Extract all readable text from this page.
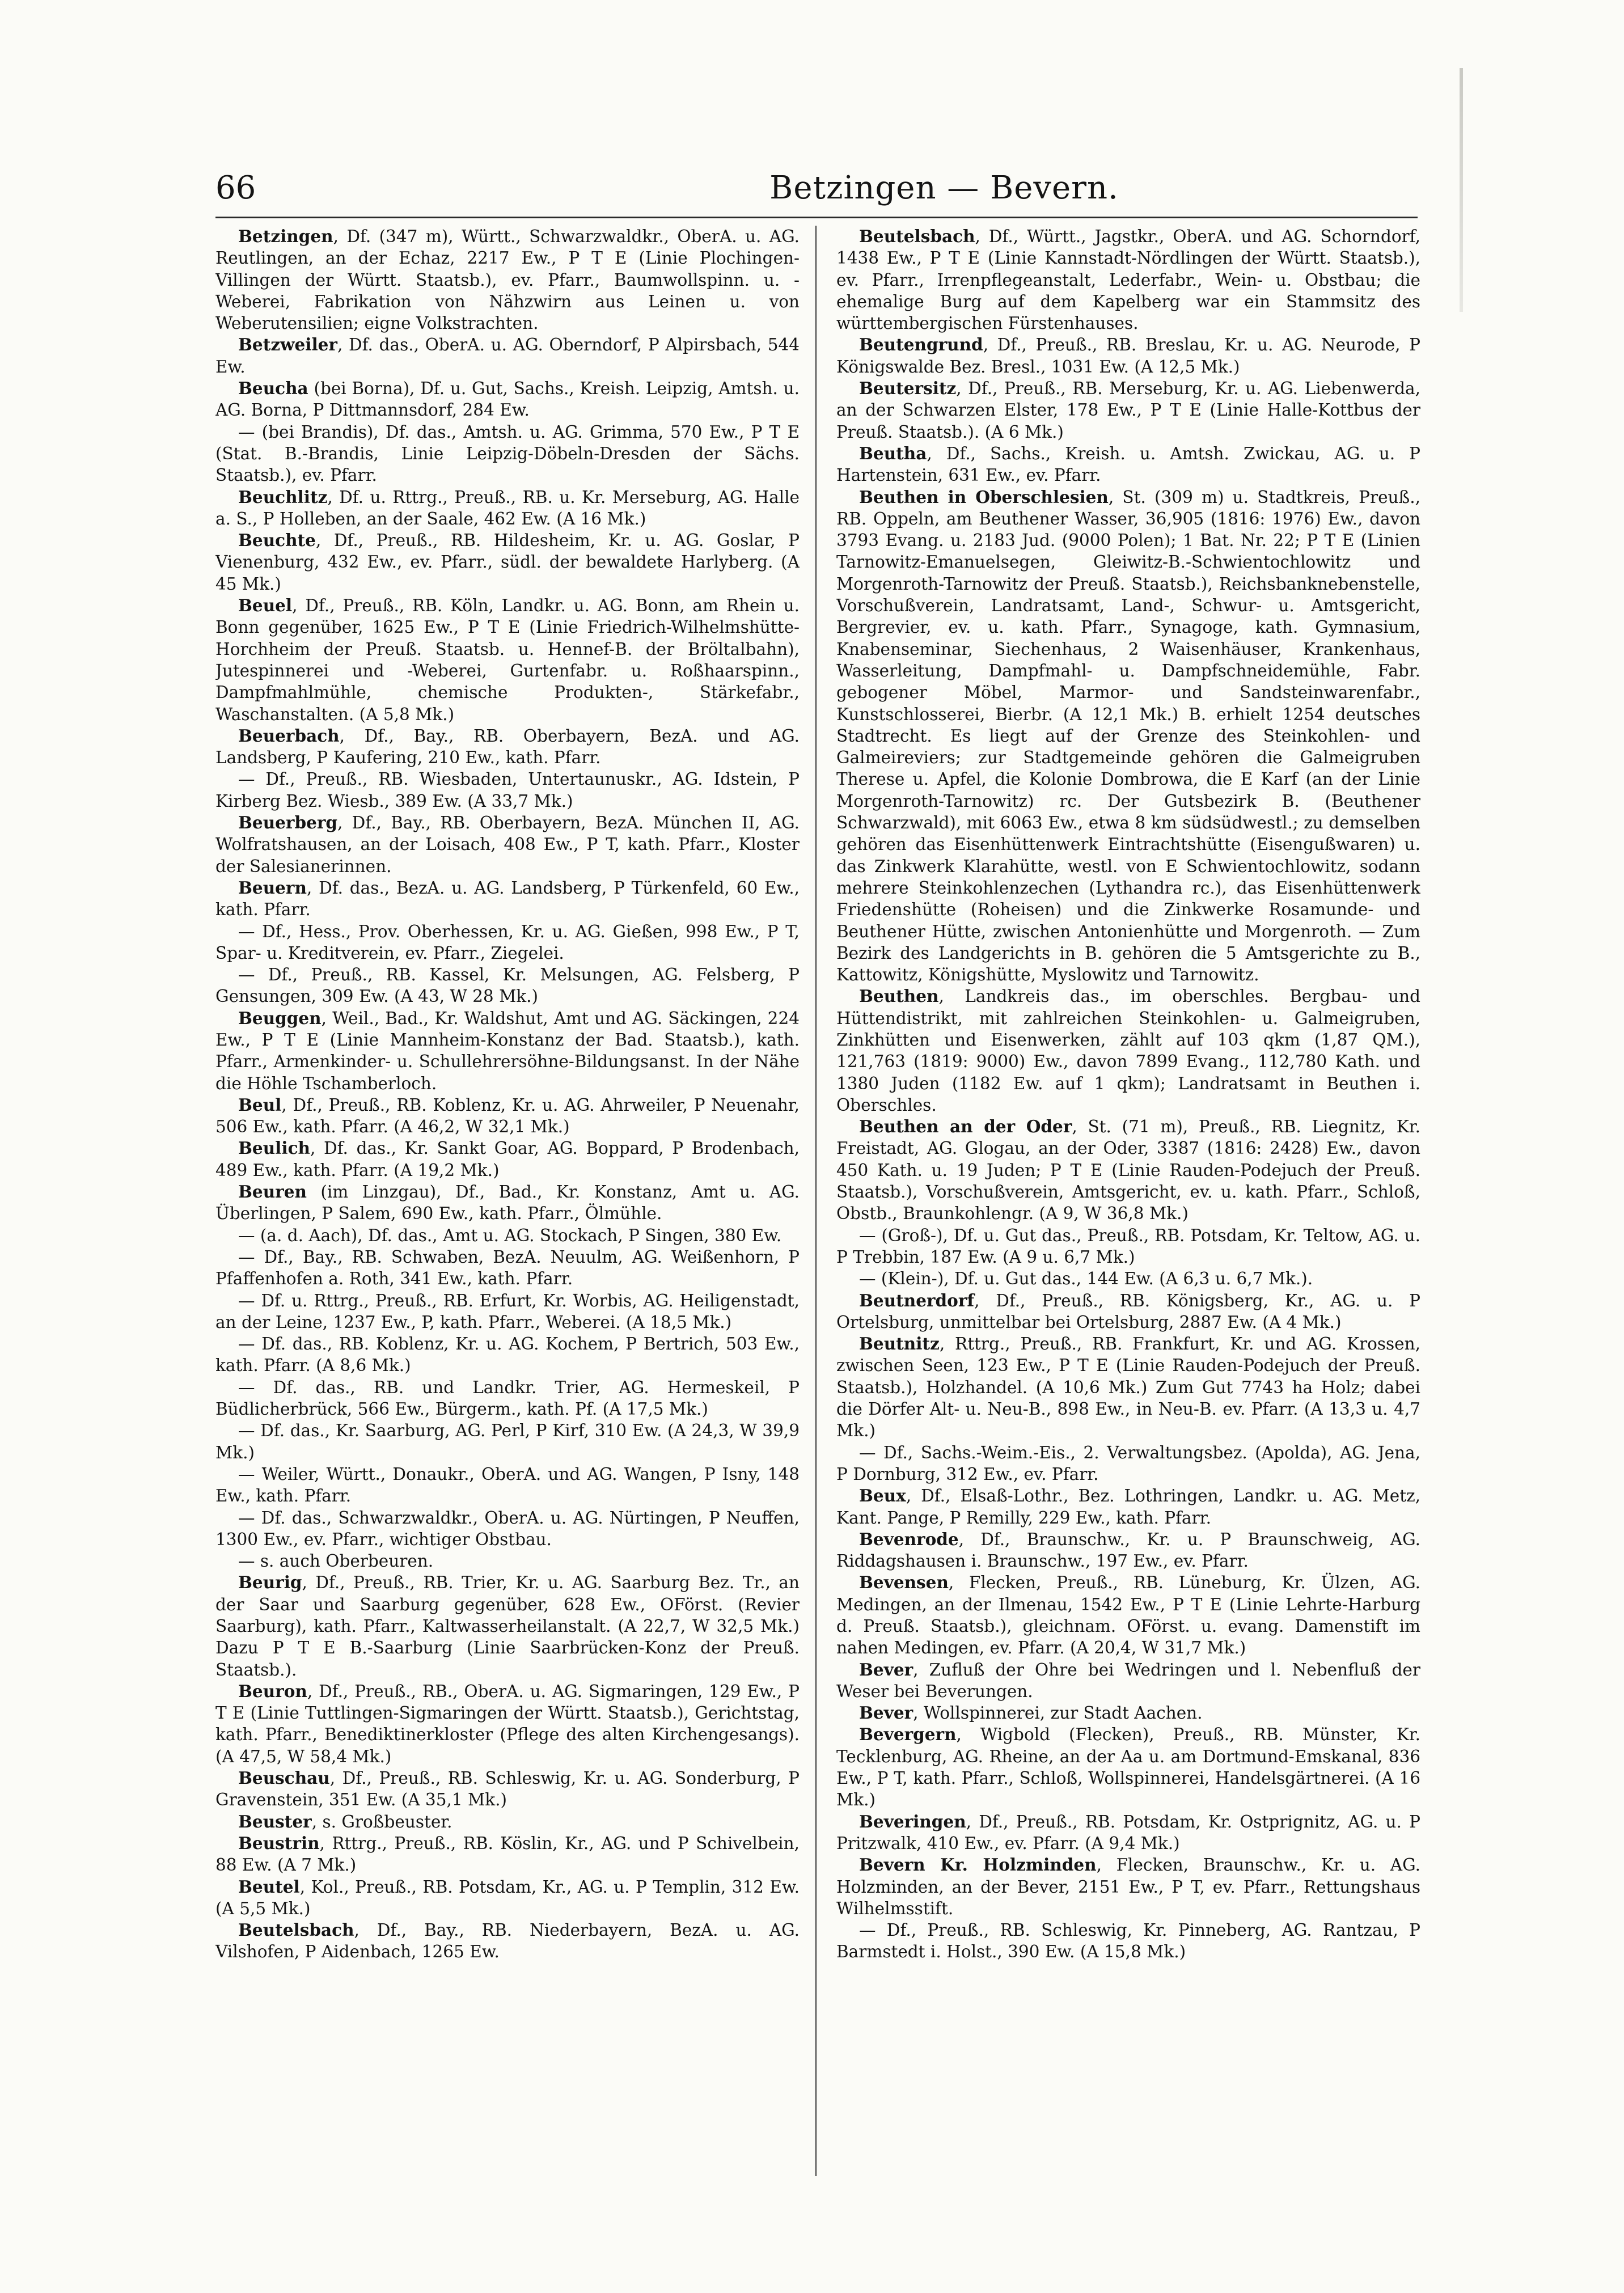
66	Betzingen — Bevern.

Betzingen, Df. (347 m), Württ., Schwarzwaldkr., OberA. u. AG. Reutlingen, an der Echaz, 2217 Ew., P T E (Linie Plochingen-Villingen der Württ. Staatsb.), ev. Pfarr., Baumwollspinn. u. -Weberei, Fabrikation von Nähzwirn aus Leinen u. von Weberutensilien; eigne Volkstrachten.

Betzweiler, Df. das., OberA. u. AG. Oberndorf, P Alpirsbach, 544 Ew.

Beucha (bei Borna), Df. u. Gut, Sachs., Kreish. Leipzig, Amtsh. u. AG. Borna, P Dittmannsdorf, 284 Ew.

— (bei Brandis), Df. das., Amtsh. u. AG. Grimma, 570 Ew., P T E (Stat. B.-Brandis, Linie Leipzig-Döbeln-Dresden der Sächs. Staatsb.), ev. Pfarr.

Beuchlitz, Df. u. Rttrg., Preuß., RB. u. Kr. Merseburg, AG. Halle a. S., P Holleben, an der Saale, 462 Ew. (A 16 Mk.)

Beuchte, Df., Preuß., RB. Hildesheim, Kr. u. AG. Goslar, P Vienenburg, 432 Ew., ev. Pfarr., südl. der bewaldete Harlyberg. (A 45 Mk.)

Beuel, Df., Preuß., RB. Köln, Landkr. u. AG. Bonn, am Rhein u. Bonn gegenüber, 1625 Ew., P T E (Linie Friedrich-Wilhelmshütte-Horchheim der Preuß. Staatsb. u. Hennef-B. der Bröltalbahn), Jutespinnerei und -Weberei, Gurtenfabr. u. Roßhaarspinn., Dampfmahlmühle, chemische Produkten-, Stärkefabr., Waschanstalten. (A 5,8 Mk.)

Beuerbach, Df., Bay., RB. Oberbayern, BezA. und AG. Landsberg, P Kaufering, 210 Ew., kath. Pfarr.

— Df., Preuß., RB. Wiesbaden, Untertaunuskr., AG. Idstein, P Kirberg Bez. Wiesb., 389 Ew. (A 33,7 Mk.)

Beuerberg, Df., Bay., RB. Oberbayern, BezA. München II, AG. Wolfratshausen, an der Loisach, 408 Ew., P T, kath. Pfarr., Kloster der Salesianerinnen.

Beuern, Df. das., BezA. u. AG. Landsberg, P Türkenfeld, 60 Ew., kath. Pfarr.

— Df., Hess., Prov. Oberhessen, Kr. u. AG. Gießen, 998 Ew., P T, Spar- u. Kreditverein, ev. Pfarr., Ziegelei.

— Df., Preuß., RB. Kassel, Kr. Melsungen, AG. Felsberg, P Gensungen, 309 Ew. (A 43, W 28 Mk.)

Beuggen, Weil., Bad., Kr. Waldshut, Amt und AG. Säckingen, 224 Ew., P T E (Linie Mannheim-Konstanz der Bad. Staatsb.), kath. Pfarr., Armenkinder- u. Schullehrersöhne-Bildungsanst. In der Nähe die Höhle Tschamberloch.

Beul, Df., Preuß., RB. Koblenz, Kr. u. AG. Ahrweiler, P Neuenahr, 506 Ew., kath. Pfarr. (A 46,2, W 32,1 Mk.)

Beulich, Df. das., Kr. Sankt Goar, AG. Boppard, P Brodenbach, 489 Ew., kath. Pfarr. (A 19,2 Mk.)

Beuren (im Linzgau), Df., Bad., Kr. Konstanz, Amt u. AG. Überlingen, P Salem, 690 Ew., kath. Pfarr., Ölmühle.

— (a. d. Aach), Df. das., Amt u. AG. Stockach, P Singen, 380 Ew.

— Df., Bay., RB. Schwaben, BezA. Neuulm, AG. Weißenhorn, P Pfaffenhofen a. Roth, 341 Ew., kath. Pfarr.

— Df. u. Rttrg., Preuß., RB. Erfurt, Kr. Worbis, AG. Heiligenstadt, an der Leine, 1237 Ew., P, kath. Pfarr., Weberei. (A 18,5 Mk.)

— Df. das., RB. Koblenz, Kr. u. AG. Kochem, P Bertrich, 503 Ew., kath. Pfarr. (A 8,6 Mk.)

— Df. das., RB. und Landkr. Trier, AG. Hermeskeil, P Büdlicherbrück, 566 Ew., Bürgerm., kath. Pf. (A 17,5 Mk.)

— Df. das., Kr. Saarburg, AG. Perl, P Kirf, 310 Ew. (A 24,3, W 39,9 Mk.)

— Weiler, Württ., Donaukr., OberA. und AG. Wangen, P Isny, 148 Ew., kath. Pfarr.

— Df. das., Schwarzwaldkr., OberA. u. AG. Nürtingen, P Neuffen, 1300 Ew., ev. Pfarr., wichtiger Obstbau.

— s. auch Oberbeuren.

Beurig, Df., Preuß., RB. Trier, Kr. u. AG. Saarburg Bez. Tr., an der Saar und Saarburg gegenüber, 628 Ew., OFörst. (Revier Saarburg), kath. Pfarr., Kaltwasserheilanstalt. (A 22,7, W 32,5 Mk.) Dazu P T E B.-Saarburg (Linie Saarbrücken-Konz der Preuß. Staatsb.).

Beuron, Df., Preuß., RB., OberA. u. AG. Sigmaringen, 129 Ew., P T E (Linie Tuttlingen-Sigmaringen der Württ. Staatsb.), Gerichtstag, kath. Pfarr., Benediktinerkloster (Pflege des alten Kirchengesangs). (A 47,5, W 58,4 Mk.)

Beuschau, Df., Preuß., RB. Schleswig, Kr. u. AG. Sonderburg, P Gravenstein, 351 Ew. (A 35,1 Mk.)

Beuster, s. Großbeuster.

Beustrin, Rttrg., Preuß., RB. Köslin, Kr., AG. und P Schivelbein, 88 Ew. (A 7 Mk.)

Beutel, Kol., Preuß., RB. Potsdam, Kr., AG. u. P Templin, 312 Ew. (A 5,5 Mk.)

Beutelsbach, Df., Bay., RB. Niederbayern, BezA. u. AG. Vilshofen, P Aidenbach, 1265 Ew.

Beutelsbach, Df., Württ., Jagstkr., OberA. und AG. Schorndorf, 1438 Ew., P T E (Linie Kannstadt-Nördlingen der Württ. Staatsb.), ev. Pfarr., Irrenpflegeanstalt, Lederfabr., Wein- u. Obstbau; die ehemalige Burg auf dem Kapelberg war ein Stammsitz des württembergischen Fürstenhauses.

Beutengrund, Df., Preuß., RB. Breslau, Kr. u. AG. Neurode, P Königswalde Bez. Bresl., 1031 Ew. (A 12,5 Mk.)

Beutersitz, Df., Preuß., RB. Merseburg, Kr. u. AG. Liebenwerda, an der Schwarzen Elster, 178 Ew., P T E (Linie Halle-Kottbus der Preuß. Staatsb.). (A 6 Mk.)

Beutha, Df., Sachs., Kreish. u. Amtsh. Zwickau, AG. u. P Hartenstein, 631 Ew., ev. Pfarr.

Beuthen in Oberschlesien, St. (309 m) u. Stadtkreis, Preuß., RB. Oppeln, am Beuthener Wasser, 36,905 (1816: 1976) Ew., davon 3793 Evang. u. 2183 Jud. (9000 Polen); 1 Bat. Nr. 22; P T E (Linien Tarnowitz-Emanuelsegen, Gleiwitz-B.-Schwientochlowitz und Morgenroth-Tarnowitz der Preuß. Staatsb.), Reichsbanknebenstelle, Vorschußverein, Landratsamt, Land-, Schwur- u. Amtsgericht, Bergrevier, ev. u. kath. Pfarr., Synagoge, kath. Gymnasium, Knabenseminar, Siechenhaus, 2 Waisenhäuser, Krankenhaus, Wasserleitung, Dampfmahl- u. Dampfschneidemühle, Fabr. gebogener Möbel, Marmor- und Sandsteinwarenfabr., Kunstschlosserei, Bierbr. (A 12,1 Mk.) B. erhielt 1254 deutsches Stadtrecht. Es liegt auf der Grenze des Steinkohlen- und Galmeireviers; zur Stadtgemeinde gehören die Galmeigruben Therese u. Apfel, die Kolonie Dombrowa, die E Karf (an der Linie Morgenroth-Tarnowitz) rc. Der Gutsbezirk B. (Beuthener Schwarzwald), mit 6063 Ew., etwa 8 km südsüdwestl.; zu demselben gehören das Eisenhüttenwerk Eintrachtshütte (Eisengußwaren) u. das Zinkwerk Klarahütte, westl. von E Schwientochlowitz, sodann mehrere Steinkohlenzechen (Lythandra rc.), das Eisenhüttenwerk Friedenshütte (Roheisen) und die Zinkwerke Rosamunde- und Beuthener Hütte, zwischen Antonienhütte und Morgenroth. — Zum Bezirk des Landgerichts in B. gehören die 5 Amtsgerichte zu B., Kattowitz, Königshütte, Myslowitz und Tarnowitz.

Beuthen, Landkreis das., im oberschles. Bergbau- und Hüttendistrikt, mit zahlreichen Steinkohlen- u. Galmeigruben, Zinkhütten und Eisenwerken, zählt auf 103 qkm (1,87 QM.), 121,763 (1819: 9000) Ew., davon 7899 Evang., 112,780 Kath. und 1380 Juden (1182 Ew. auf 1 qkm); Landratsamt in Beuthen i. Oberschles.

Beuthen an der Oder, St. (71 m), Preuß., RB. Liegnitz, Kr. Freistadt, AG. Glogau, an der Oder, 3387 (1816: 2428) Ew., davon 450 Kath. u. 19 Juden; P T E (Linie Rauden-Podejuch der Preuß. Staatsb.), Vorschußverein, Amtsgericht, ev. u. kath. Pfarr., Schloß, Obstb., Braunkohlengr. (A 9, W 36,8 Mk.)

— (Groß-), Df. u. Gut das., Preuß., RB. Potsdam, Kr. Teltow, AG. u. P Trebbin, 187 Ew. (A 9 u. 6,7 Mk.)

— (Klein-), Df. u. Gut das., 144 Ew. (A 6,3 u. 6,7 Mk.).

Beutnerdorf, Df., Preuß., RB. Königsberg, Kr., AG. u. P Ortelsburg, unmittelbar bei Ortelsburg, 2887 Ew. (A 4 Mk.)

Beutnitz, Rttrg., Preuß., RB. Frankfurt, Kr. und AG. Krossen, zwischen Seen, 123 Ew., P T E (Linie Rauden-Podejuch der Preuß. Staatsb.), Holzhandel. (A 10,6 Mk.) Zum Gut 7743 ha Holz; dabei die Dörfer Alt- u. Neu-B., 898 Ew., in Neu-B. ev. Pfarr. (A 13,3 u. 4,7 Mk.)

— Df., Sachs.-Weim.-Eis., 2. Verwaltungsbez. (Apolda), AG. Jena, P Dornburg, 312 Ew., ev. Pfarr.

Beux, Df., Elsaß-Lothr., Bez. Lothringen, Landkr. u. AG. Metz, Kant. Pange, P Remilly, 229 Ew., kath. Pfarr.

Bevenrode, Df., Braunschw., Kr. u. P Braunschweig, AG. Riddagshausen i. Braunschw., 197 Ew., ev. Pfarr.

Bevensen, Flecken, Preuß., RB. Lüneburg, Kr. Ülzen, AG. Medingen, an der Ilmenau, 1542 Ew., P T E (Linie Lehrte-Harburg d. Preuß. Staatsb.), gleichnam. OFörst. u. evang. Damenstift im nahen Medingen, ev. Pfarr. (A 20,4, W 31,7 Mk.)

Bever, Zufluß der Ohre bei Wedringen und l. Nebenfluß der Weser bei Beverungen.

Bever, Wollspinnerei, zur Stadt Aachen.

Bevergern, Wigbold (Flecken), Preuß., RB. Münster, Kr. Tecklenburg, AG. Rheine, an der Aa u. am Dortmund-Emskanal, 836 Ew., P T, kath. Pfarr., Schloß, Wollspinnerei, Handelsgärtnerei. (A 16 Mk.)

Beveringen, Df., Preuß., RB. Potsdam, Kr. Ostprignitz, AG. u. P Pritzwalk, 410 Ew., ev. Pfarr. (A 9,4 Mk.)

Bevern Kr. Holzminden, Flecken, Braunschw., Kr. u. AG. Holzminden, an der Bever, 2151 Ew., P T, ev. Pfarr., Rettungshaus Wilhelmsstift.

— Df., Preuß., RB. Schleswig, Kr. Pinneberg, AG. Rantzau, P Barmstedt i. Holst., 390 Ew. (A 15,8 Mk.)
